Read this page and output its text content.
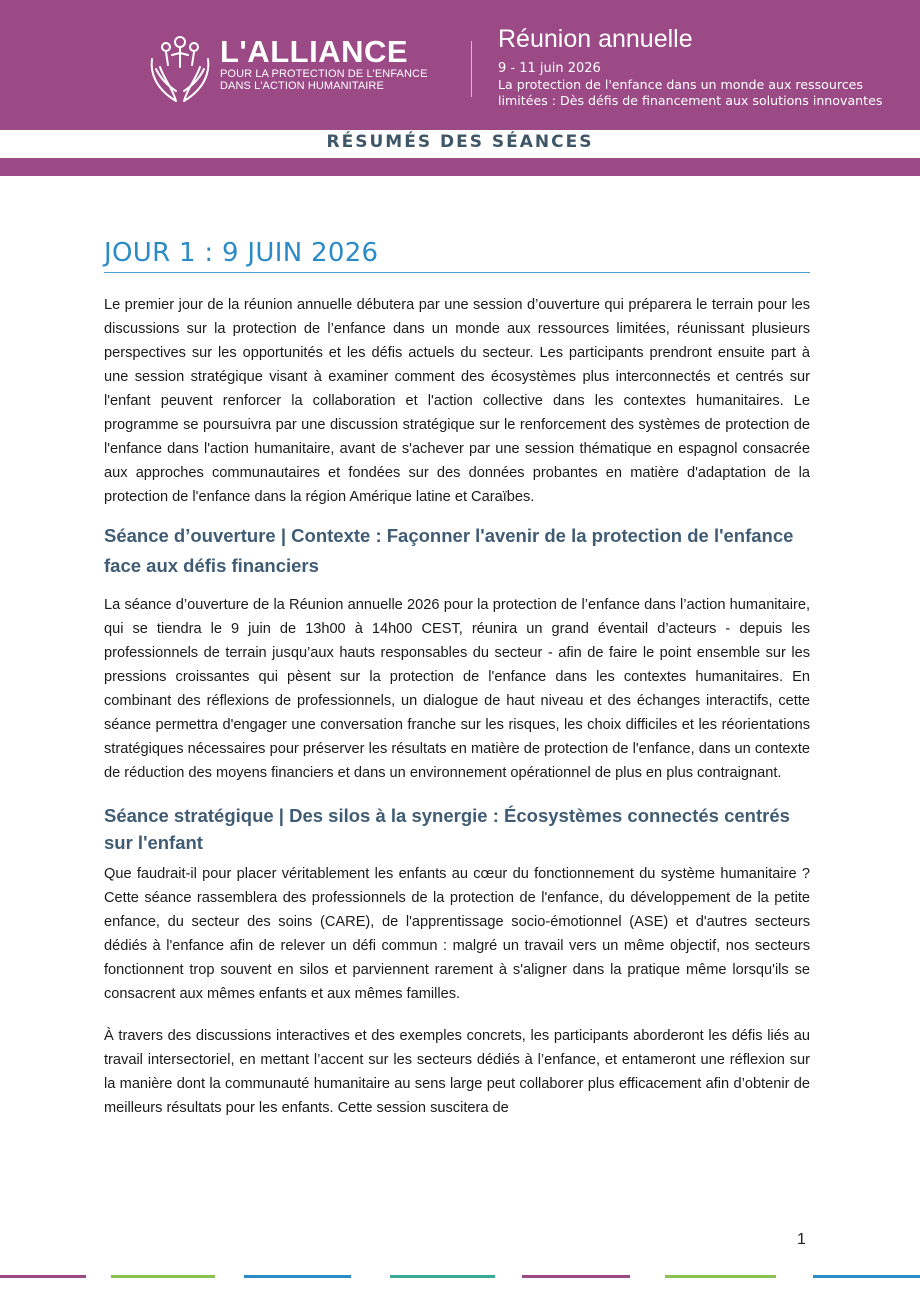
L'ALLIANCE
POUR LA PROTECTION DE L'ENFANCE
DANS L'ACTION HUMANITAIRE
Réunion annuelle
9 - 11 juin 2026
La protection de l'enfance dans un monde aux ressources
limitées : Dès défis de financement aux solutions innovantes
RÉSUMÉS DES SÉANCES
JOUR 1 : 9 JUIN 2026

Le premier jour de la réunion annuelle débutera par une session d’ouverture qui préparera le terrain pour les discussions sur la protection de l’enfance dans un monde aux ressources limitées, réunissant plusieurs perspectives sur les opportunités et les défis actuels du secteur. Les participants prendront ensuite part à une session stratégique visant à examiner comment des écosystèmes plus interconnectés et centrés sur l'enfant peuvent renforcer la collaboration et l'action collective dans les contextes humanitaires. Le programme se poursuivra par une discussion stratégique sur le renforcement des systèmes de protection de l'enfance dans l'action humanitaire, avant de s'achever par une session thématique en espagnol consacrée aux approches communautaires et fondées sur des données probantes en matière d'adaptation de la protection de l'enfance dans la région Amérique latine et Caraïbes.

Séance d’ouverture | Contexte : Façonner l'avenir de la protection de l'enfance face aux défis financiers

La séance d’ouverture de la Réunion annuelle 2026 pour la protection de l’enfance dans l’action humanitaire, qui se tiendra le 9 juin de 13h00 à 14h00 CEST, réunira un grand éventail d’acteurs - depuis les professionnels de terrain jusqu’aux hauts responsables du secteur - afin de faire le point ensemble sur les pressions croissantes qui pèsent sur la protection de l'enfance dans les contextes humanitaires. En combinant des réflexions de professionnels, un dialogue de haut niveau et des échanges interactifs, cette séance permettra d'engager une conversation franche sur les risques, les choix difficiles et les réorientations stratégiques nécessaires pour préserver les résultats en matière de protection de l'enfance, dans un contexte de réduction des moyens financiers et dans un environnement opérationnel de plus en plus contraignant.

Séance stratégique | Des silos à la synergie : Écosystèmes connectés centrés sur l'enfant

Que faudrait-il pour placer véritablement les enfants au cœur du fonctionnement du système humanitaire ? Cette séance rassemblera des professionnels de la protection de l'enfance, du développement de la petite enfance, du secteur des soins (CARE), de l'apprentissage socio-émotionnel (ASE) et d'autres secteurs dédiés à l'enfance afin de relever un défi commun : malgré un travail vers un même objectif, nos secteurs fonctionnent trop souvent en silos et parviennent rarement à s'aligner dans la pratique même lorsqu'ils se consacrent aux mêmes enfants et aux mêmes familles.

À travers des discussions interactives et des exemples concrets, les participants aborderont les défis liés au travail intersectoriel, en mettant l’accent sur les secteurs dédiés à l’enfance, et entameront une réflexion sur la manière dont la communauté humanitaire au sens large peut collaborer plus efficacement afin d’obtenir de meilleurs résultats pour les enfants. Cette session suscitera de

1
